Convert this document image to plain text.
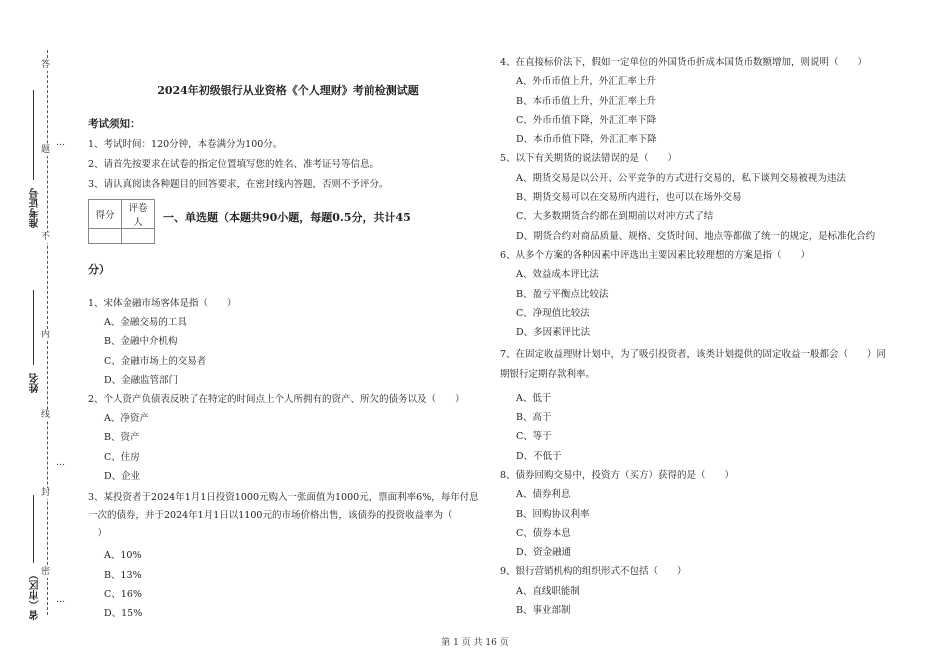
答
题
不
内
线
封
密
准考证号
姓名
省（市区）
…
…
…
2024年初级银行从业资格《个人理财》考前检测试题
考试须知：
1、考试时间：120分钟，本卷满分为100分。
2、请首先按要求在试卷的指定位置填写您的姓名、准考证号等信息。
3、请认真阅读各种题目的回答要求，在密封线内答题，否则不予评分。
得分	评卷人
	一、单选题（本题共90小题，每题0.5分，共计45
分）
1、宋体金融市场客体是指（　　）
A、金融交易的工具
B、金融中介机构
C、金融市场上的交易者
D、金融监管部门
2、个人资产负债表反映了在特定的时间点上个人所拥有的资产、所欠的债务以及（　　）
A、净资产
B、资产
C、住房
D、企业
3、某投资者于2024年1月1日投资1000元购入一张面值为1000元，票面利率6%，每年付息
一次的债券，并于2024年1月1日以1100元的市场价格出售，该债券的投资收益率为（
　）
A、10%
B、13%
C、16%
D、15%
4、在直接标价法下，假如一定单位的外国货币折成本国货币数额增加，则说明（　　）
A、外币币值上升，外汇汇率上升
B、本币币值上升，外汇汇率上升
C、外币币值下降，外汇汇率下降
D、本币币值下降，外汇汇率下降
5、以下有关期货的说法错误的是（　　）
A、期货交易是以公开、公平竞争的方式进行交易的，私下谈判交易被视为违法
B、期货交易可以在交易所内进行，也可以在场外交易
C、大多数期货合约都在到期前以对冲方式了结
D、期货合约对商品质量、规格、交货时间、地点等都做了统一的规定，是标准化合约
6、从多个方案的各种因素中评选出主要因素比较理想的方案是指（　　）
A、效益成本评比法
B、盈亏平衡点比较法
C、净现值比较法
D、多因素评比法
7、在固定收益理财计划中，为了吸引投资者，该类计划提供的固定收益一般都会（　　）同
期银行定期存款利率。
A、低于
B、高于
C、等于
D、不低于
8、债券回购交易中，投资方（买方）获得的是（　　）
A、债券利息
B、回购协议利率
C、债券本息
D、资金融通
9、银行营销机构的组织形式不包括（　　）
A、直线职能制
B、事业部制
第 1 页 共 16 页
